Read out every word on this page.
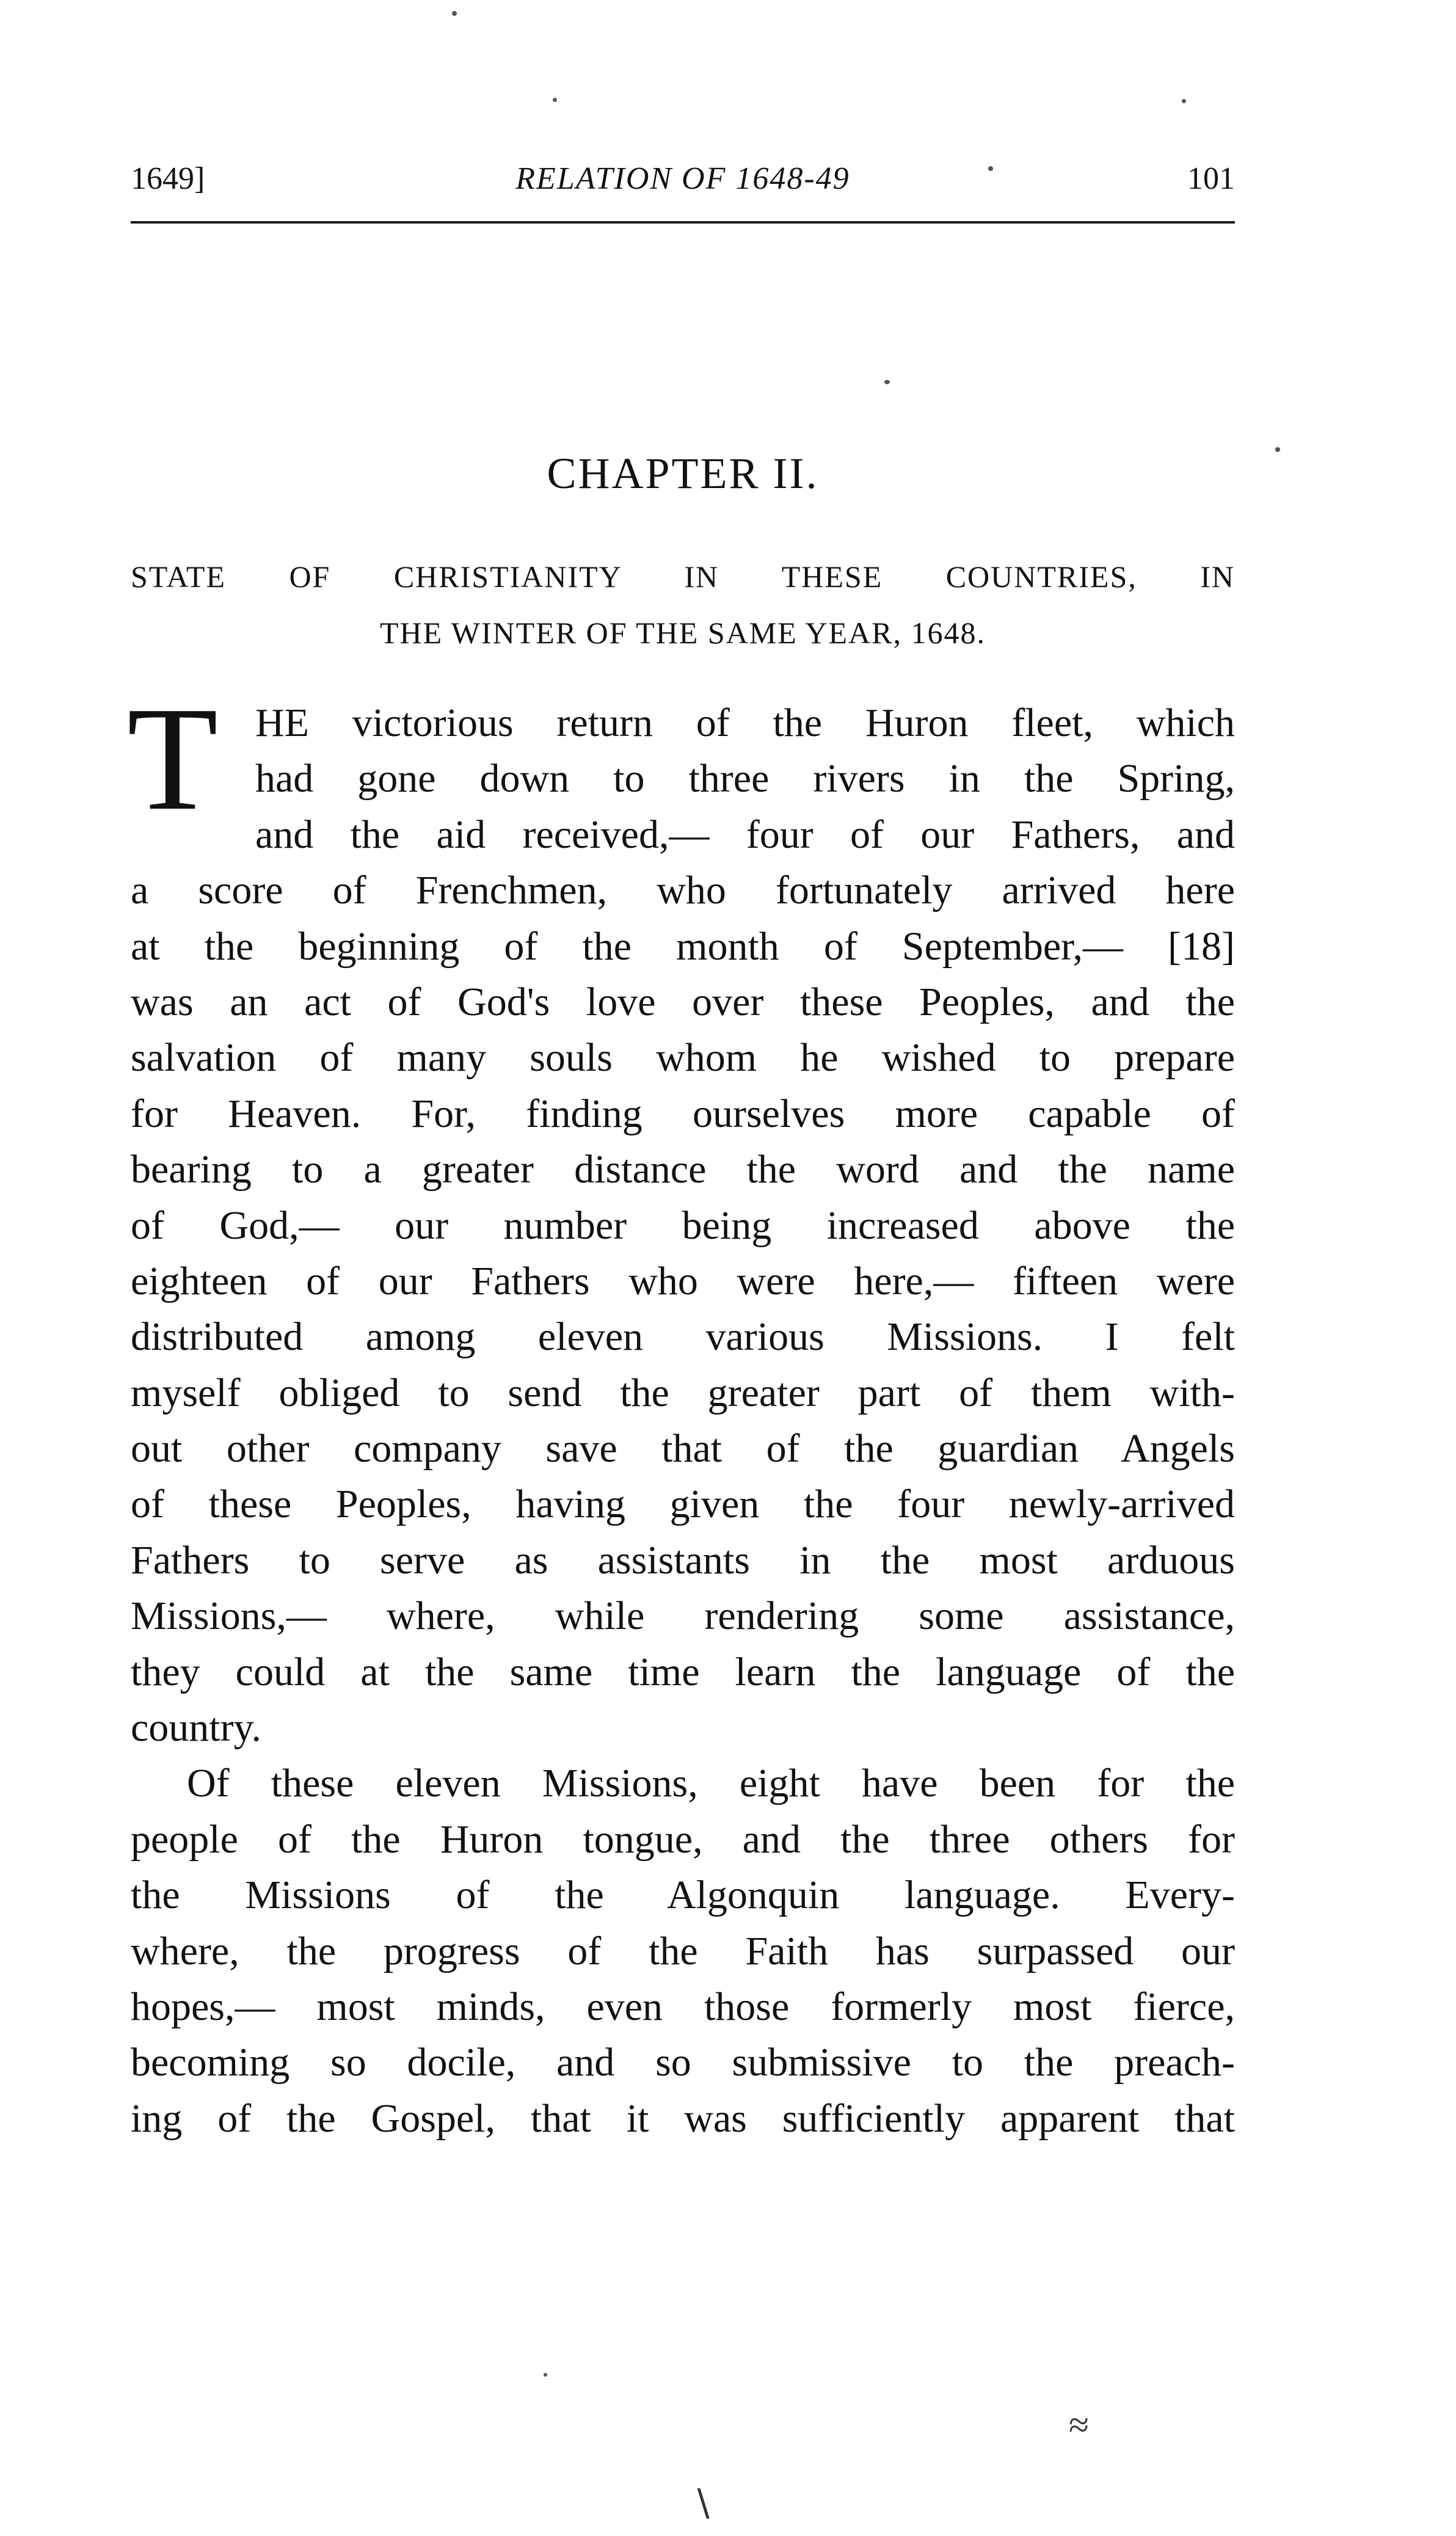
1649]	RELATION OF 1648-49	101
CHAPTER II.
STATE OF CHRISTIANITY IN THESE COUNTRIES, IN
THE WINTER OF THE SAME YEAR, 1648.
T HE victorious return of the Huron fleet, which
had gone down to three rivers in the Spring,
and the aid received,— four of our Fathers, and
a score of Frenchmen, who fortunately arrived here
at the beginning of the month of September,— [18]
was an act of God's love over these Peoples, and the
salvation of many souls whom he wished to prepare
for Heaven. For, finding ourselves more capable of
bearing to a greater distance the word and the name
of God,— our number being increased above the
eighteen of our Fathers who were here,— fifteen were
distributed among eleven various Missions. I felt
myself obliged to send the greater part of them with-
out other company save that of the guardian Angels
of these Peoples, having given the four newly-arrived
Fathers to serve as assistants in the most arduous
Missions,— where, while rendering some assistance,
they could at the same time learn the language of the
country.
Of these eleven Missions, eight have been for the
people of the Huron tongue, and the three others for
the Missions of the Algonquin language. Every-
where, the progress of the Faith has surpassed our
hopes,— most minds, even those formerly most fierce,
becoming so docile, and so submissive to the preach-
ing of the Gospel, that it was sufficiently apparent that
≈
∖
